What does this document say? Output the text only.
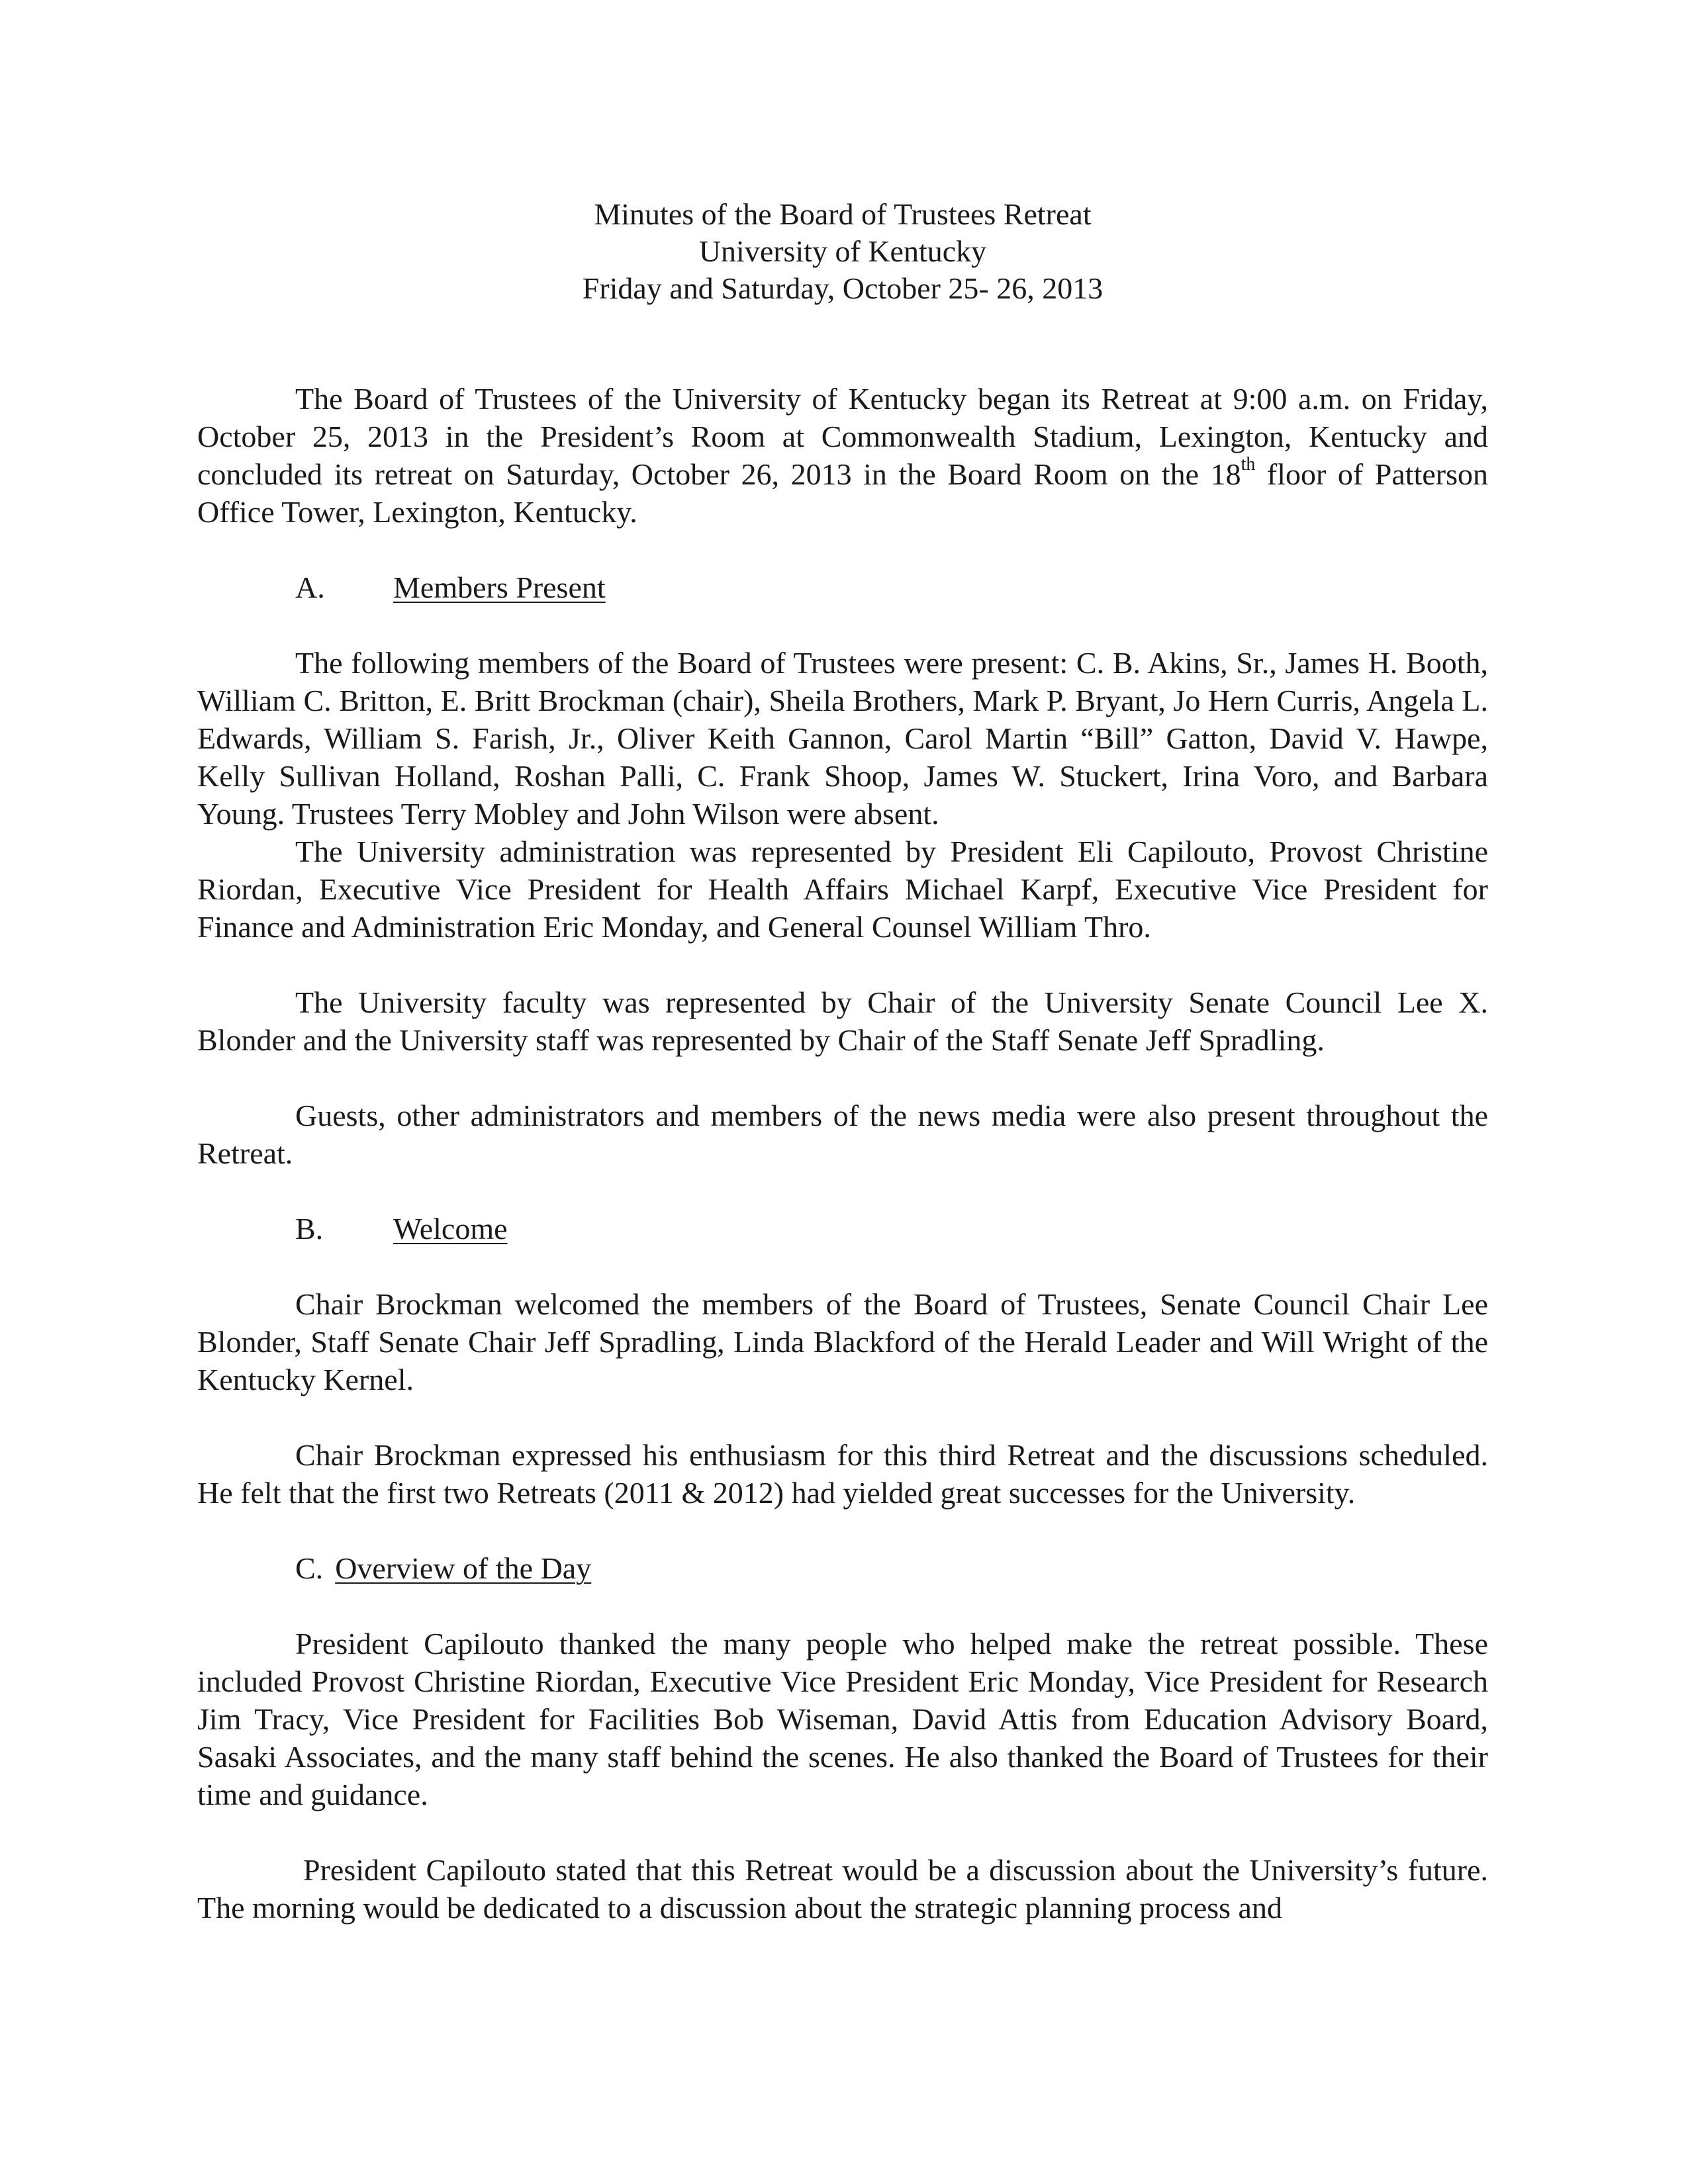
Minutes of the Board of Trustees Retreat
University of Kentucky
Friday and Saturday, October 25- 26, 2013

The Board of Trustees of the University of Kentucky began its Retreat at 9:00 a.m. on Friday, October 25, 2013 in the President’s Room at Commonwealth Stadium, Lexington, Kentucky and concluded its retreat on Saturday, October 26, 2013 in the Board Room on the 18th floor of Patterson Office Tower, Lexington, Kentucky.

A.	Members Present

The following members of the Board of Trustees were present: C. B. Akins, Sr., James H. Booth, William C. Britton, E. Britt Brockman (chair), Sheila Brothers, Mark P. Bryant, Jo Hern Curris, Angela L. Edwards, William S. Farish, Jr., Oliver Keith Gannon, Carol Martin “Bill” Gatton, David V. Hawpe, Kelly Sullivan Holland, Roshan Palli, C. Frank Shoop, James W. Stuckert, Irina Voro, and Barbara Young. Trustees Terry Mobley and John Wilson were absent.

The University administration was represented by President Eli Capilouto, Provost Christine Riordan, Executive Vice President for Health Affairs Michael Karpf, Executive Vice President for Finance and Administration Eric Monday, and General Counsel William Thro.

The University faculty was represented by Chair of the University Senate Council Lee X. Blonder and the University staff was represented by Chair of the Staff Senate Jeff Spradling.

Guests, other administrators and members of the news media were also present throughout the Retreat.

B.	Welcome

Chair Brockman welcomed the members of the Board of Trustees, Senate Council Chair Lee Blonder, Staff Senate Chair Jeff Spradling, Linda Blackford of the Herald Leader and Will Wright of the Kentucky Kernel.

Chair Brockman expressed his enthusiasm for this third Retreat and the discussions scheduled. He felt that the first two Retreats (2011 & 2012) had yielded great successes for the University.

C. Overview of the Day

President Capilouto thanked the many people who helped make the retreat possible. These included Provost Christine Riordan, Executive Vice President Eric Monday, Vice President for Research Jim Tracy, Vice President for Facilities Bob Wiseman, David Attis from Education Advisory Board, Sasaki Associates, and the many staff behind the scenes. He also thanked the Board of Trustees for their time and guidance.

President Capilouto stated that this Retreat would be a discussion about the University’s future. The morning would be dedicated to a discussion about the strategic planning process and
